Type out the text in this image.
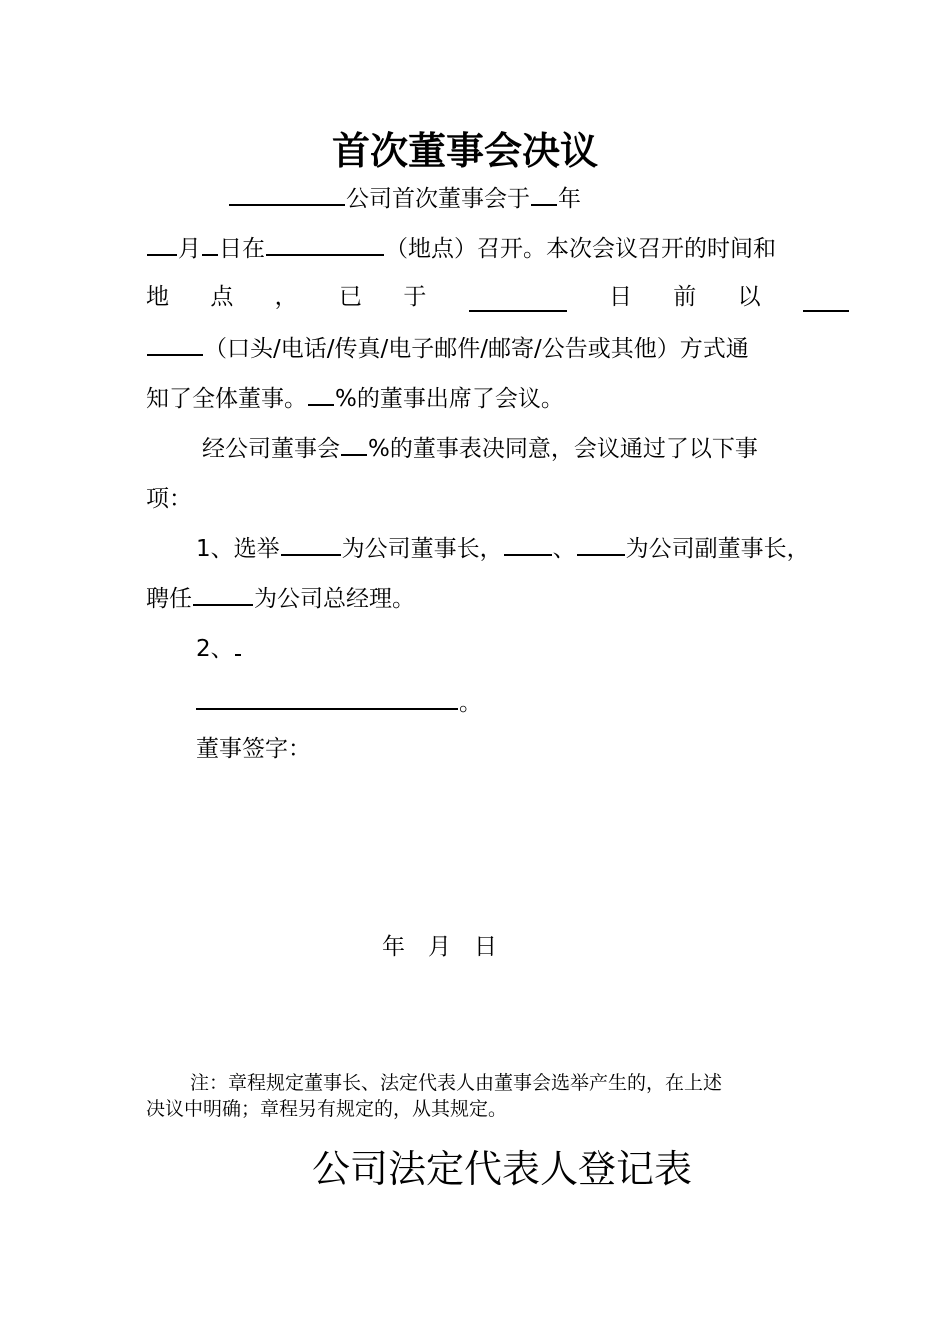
首次董事会决议
公司首次董事会于 年
月 日在	（地点）召开。本次会议召开的时间和
地 点 ， 已 于	日 前 以
（口头/电话/传真/电子邮件/邮寄/公告或其他）方式通
知了全体董事。 %的董事出席了会议。
经公司董事会 %的董事表决同意，会议通过了以下事
项：
1、选举	为公司董事长， 、 为公司副董事长，
聘任	为公司总经理。
2、
。
董事签字：
年　月　日
注：章程规定董事长、法定代表人由董事会选举产生的，在上述
决议中明确；章程另有规定的，从其规定。
公司法定代表人登记表
